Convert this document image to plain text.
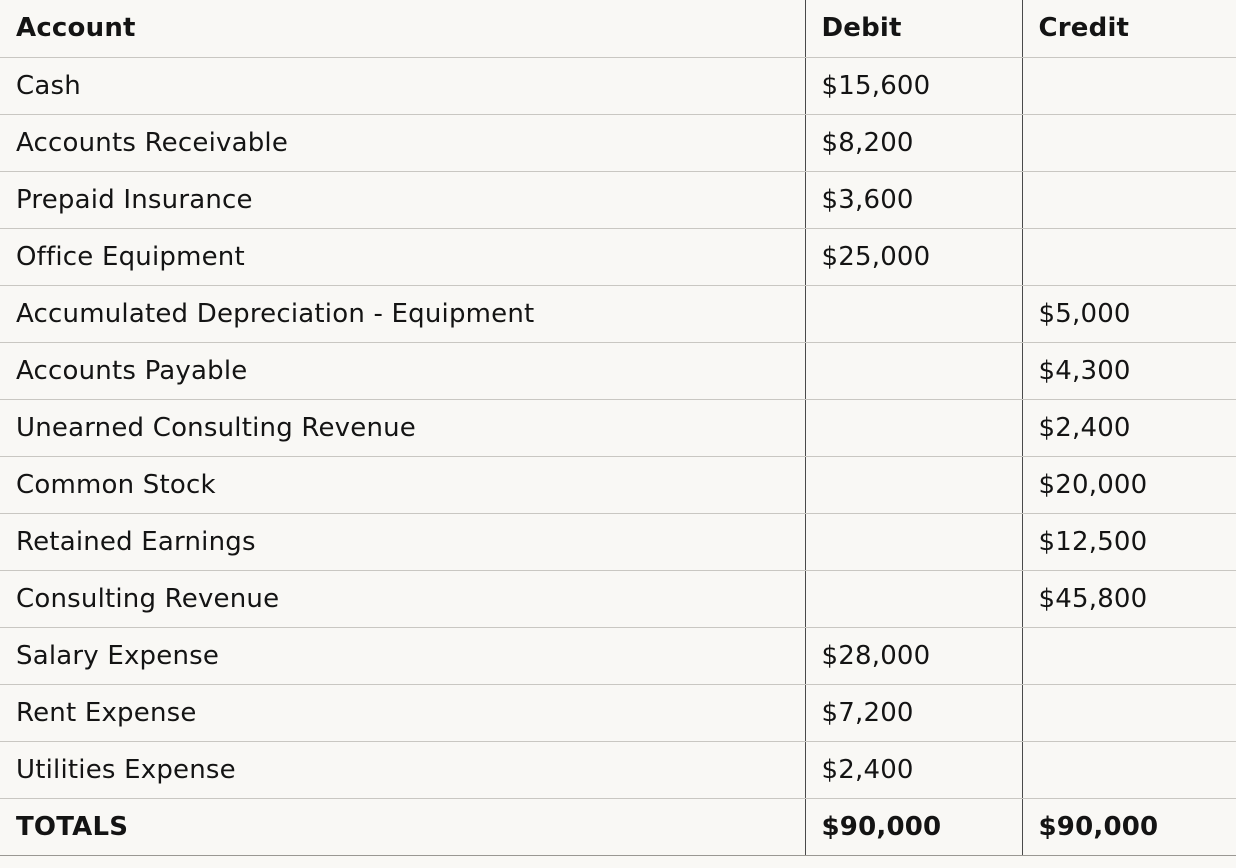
Account	Debit	Credit
Cash	$15,600	
Accounts Receivable	$8,200	
Prepaid Insurance	$3,600	
Office Equipment	$25,000	
Accumulated Depreciation - Equipment		$5,000
Accounts Payable		$4,300
Unearned Consulting Revenue		$2,400
Common Stock		$20,000
Retained Earnings		$12,500
Consulting Revenue		$45,800
Salary Expense	$28,000	
Rent Expense	$7,200	
Utilities Expense	$2,400	
TOTALS	$90,000	$90,000
